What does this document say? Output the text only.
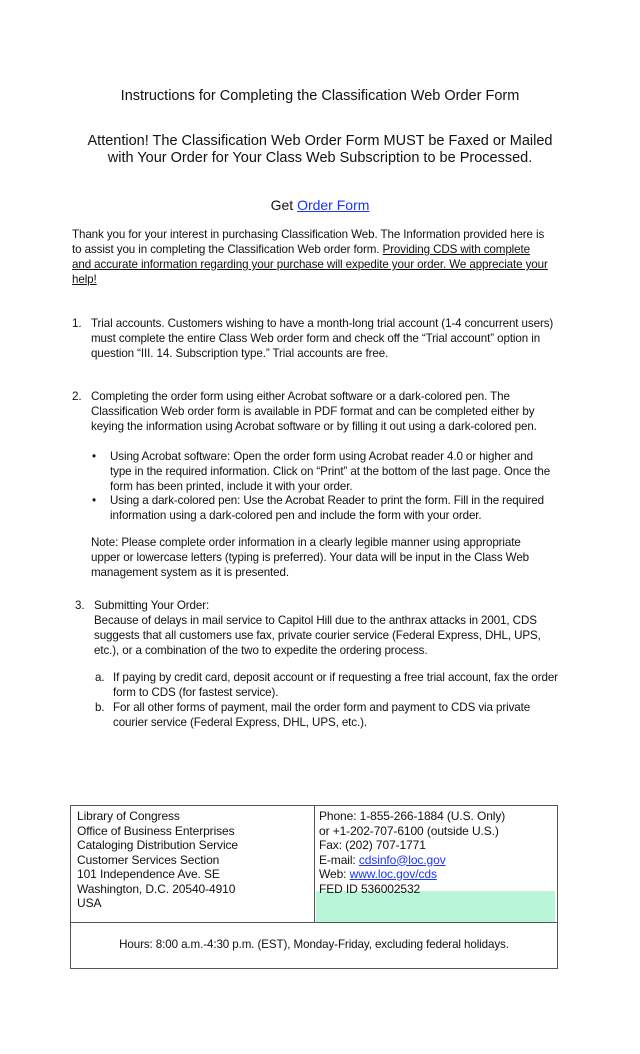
Instructions for Completing the Classification Web Order Form
Attention! The Classification Web Order Form MUST be Faxed or Mailed
with Your Order for Your Class Web Subscription to be Processed.
Get Order Form
Thank you for your interest in purchasing Classification Web. The Information provided here is
to assist you in completing the Classification Web order form. Providing CDS with complete
and accurate information regarding your purchase will expedite your order. We appreciate your
help!
1. Trial accounts. Customers wishing to have a month-long trial account (1-4 concurrent users)
must complete the entire Class Web order form and check off the “Trial account” option in
question “III. 14. Subscription type.” Trial accounts are free.
2. Completing the order form using either Acrobat software or a dark-colored pen. The
Classification Web order form is available in PDF format and can be completed either by
keying the information using Acrobat software or by filling it out using a dark-colored pen.
• Using Acrobat software: Open the order form using Acrobat reader 4.0 or higher and
type in the required information. Click on “Print” at the bottom of the last page. Once the
form has been printed, include it with your order.
• Using a dark-colored pen: Use the Acrobat Reader to print the form. Fill in the required
information using a dark-colored pen and include the form with your order.
Note: Please complete order information in a clearly legible manner using appropriate
upper or lowercase letters (typing is preferred). Your data will be input in the Class Web
management system as it is presented.
3. Submitting Your Order:
Because of delays in mail service to Capitol Hill due to the anthrax attacks in 2001, CDS
suggests that all customers use fax, private courier service (Federal Express, DHL, UPS,
etc.), or a combination of the two to expedite the ordering process.
a. If paying by credit card, deposit account or if requesting a free trial account, fax the order
form to CDS (for fastest service).
b. For all other forms of payment, mail the order form and payment to CDS via private
courier service (Federal Express, DHL, UPS, etc.).
Library of Congress
Office of Business Enterprises
Cataloging Distribution Service
Customer Services Section
101 Independence Ave. SE
Washington, D.C. 20540-4910
USA
Phone: 1-855-266-1884 (U.S. Only)
or +1-202-707-6100 (outside U.S.)
Fax: (202) 707-1771
E-mail: cdsinfo@loc.gov
Web: www.loc.gov/cds
FED ID 536002532
Hours: 8:00 a.m.-4:30 p.m. (EST), Monday-Friday, excluding federal holidays.
